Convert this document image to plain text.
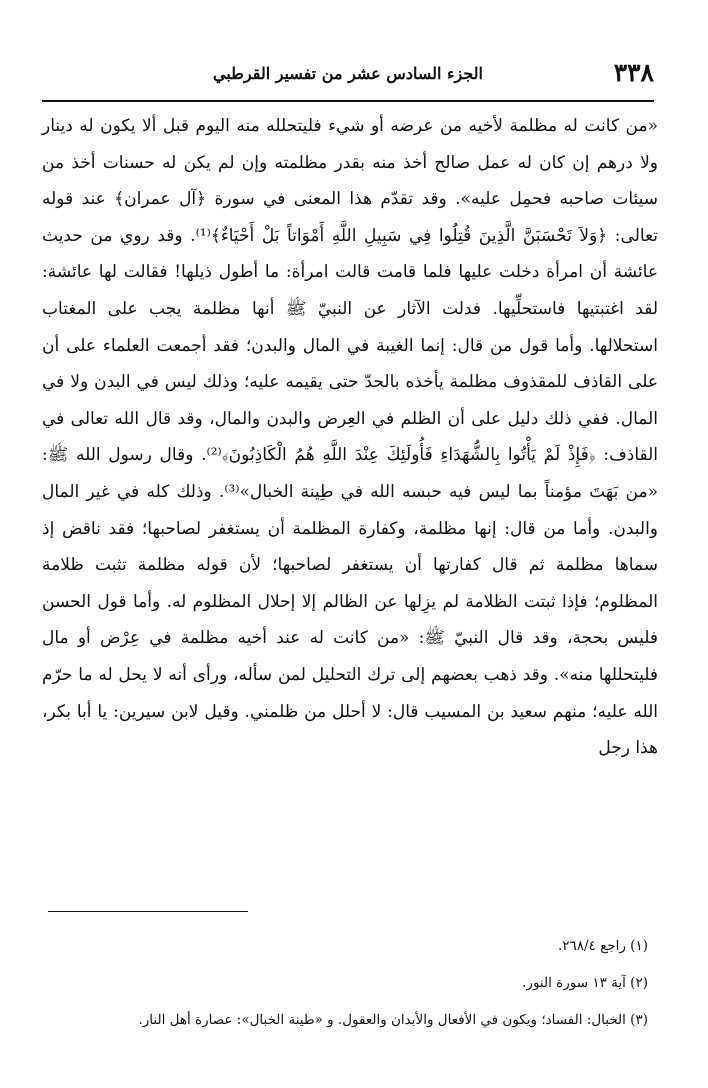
٣٣٨
الجزء السادس عشر من تفسير القرطبي

«من كانت له مظلمة لأخيه من عرضه أو شيء فليتحلله منه اليوم قبل ألا يكون له دينار ولا درهم إن كان له عمل صالح أخذ منه بقدر مظلمته وإن لم يكن له حسنات أخذ من سيئات صاحبه فحمِل عليه». وقد تقدّم هذا المعنى في سورة ﴿آل عمران﴾ عند قوله تعالى: ﴿وَلاَ تَحْسَبَنَّ الَّذِينَ قُتِلُوا فِي سَبِيلِ اللَّهِ أَمْوَاتاً بَلْ أَحْيَاءٌ﴾⁽¹⁾. وقد روي من حديث عائشة أن امرأة دخلت عليها فلما قامت قالت امرأة: ما أطول ذيلها! فقالت لها عائشة: لقد اغتبتيها فاستحلِّيها. فدلت الآثار عن النبيّ ﷺ أنها مظلمة يجب على المغتاب استحلالها. وأما قول من قال: إنما الغيبة في المال والبدن؛ فقد أجمعت العلماء على أن على القاذف للمقذوف مظلمة يأخذه بالحدّ حتى يقيمه عليه؛ وذلك ليس في البدن ولا في المال. ففي ذلك دليل على أن الظلم في العِرض والبدن والمال، وقد قال الله تعالى في القاذف: ﴿فَإِذْ لَمْ يَأْتُوا بِالشُّهَدَاءِ فَأُولَئِكَ عِنْدَ اللَّهِ هُمُ الْكَاذِبُونَ﴾⁽²⁾. وقال رسول الله ﷺ: «من بَهَتَ مؤمناً بما ليس فيه حبسه الله في طِينة الخبال»⁽³⁾. وذلك كله في غير المال والبدن. وأما من قال: إنها مظلمة، وكفارة المظلمة أن يستغفر لصاحبها؛ فقد ناقض إذ سماها مظلمة ثم قال كفارتها أن يستغفر لصاحبها؛ لأن قوله مظلمة تثبت ظلامة المظلوم؛ فإذا ثبتت الظلامة لم يزِلها عن الظالم إلا إحلال المظلوم له. وأما قول الحسن فليس بحجة، وقد قال النبيّ ﷺ: «من كانت له عند أخيه مظلمة في عِرْض أو مال فليتحللها منه». وقد ذهب بعضهم إلى ترك التحليل لمن سأله، ورأى أنه لا يحل له ما حرّم الله عليه؛ منهم سعيد بن المسيب قال: لا أحلل من ظلمني. وقيل لابن سيرين: يا أبا بكر، هذا رجل

(١) راجع ٢٦٨/٤.
(٢) آية ١٣ سورة النور.
(٣) الخبال: الفساد؛ ويكون في الأفعال والأبدان والعقول. و «طينة الخبال»: عصارة أهل النار.
